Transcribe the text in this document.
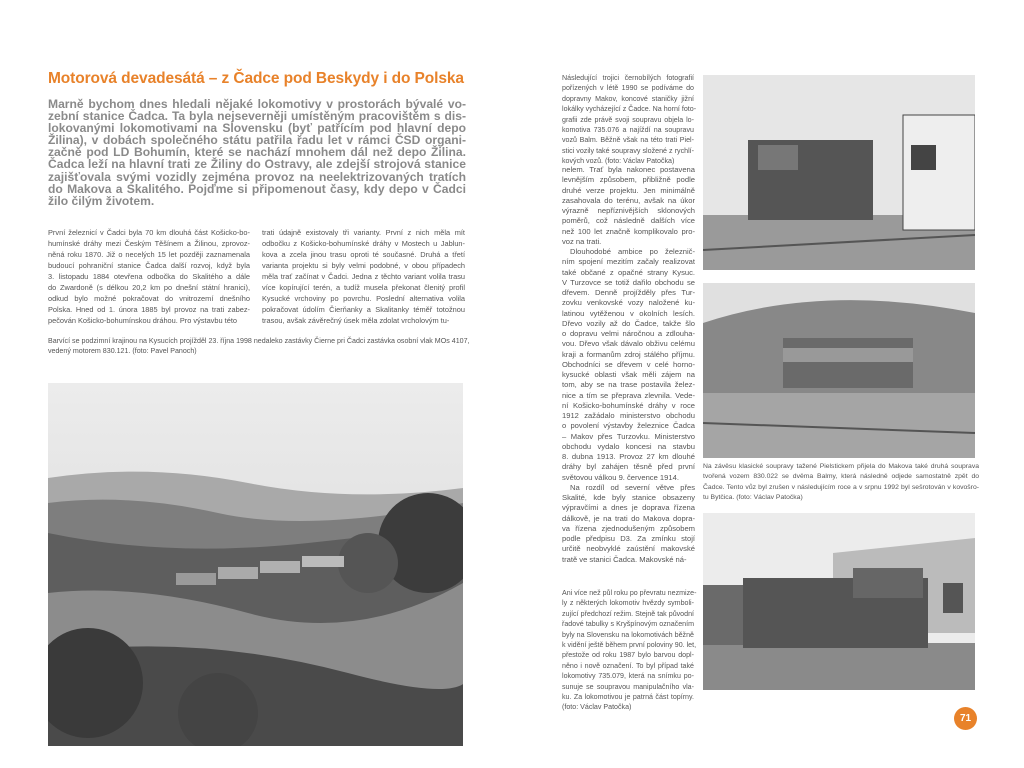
Motorová devadesátá – z Čadce pod Beskydy i do Polska
Marně bychom dnes hledali nějaké lokomotivy v prostorách bývalé vo-
zební stanice Čadca. Ta byla nejseverněji umístěným pracovištěm s dis-
lokovanými lokomotivami na Slovensku (byť patřícím pod hlavní depo
Žilina), v dobách společného státu patřila řadu let v rámci ČSD organi-
začně pod LD Bohumín, které se nachází mnohem dál než depo Žilina.
Čadca leží na hlavní trati ze Žiliny do Ostravy, ale zdejší strojová stanice
zajišťovala svými vozidly zejména provoz na neelektrizovaných tratích
do Makova a Skalitého. Pojďme si připomenout časy, kdy depo v Čadci
žilo čilým životem.
První železnicí v Čadci byla 70 km dlouhá část Košicko-bo-
humínské dráhy mezi Českým Těšínem a Žilinou, zprovoz-
něná roku 1870. Již o necelých 15 let později zaznamenala
budoucí pohraniční stanice Čadca další rozvoj, když byla
3. listopadu 1884 otevřena odbočka do Skalitého a dále
do Zwardoně (s délkou 20,2 km po dnešní státní hranici),
odkud bylo možné pokračovat do vnitrozemí dnešního
Polska. Hned od 1. února 1885 byl provoz na trati zabez-
pečován Košicko-bohumínskou dráhou. Pro výstavbu této
trati údajně existovaly tři varianty. První z nich měla mít
odbočku z Košicko-bohumínské dráhy v Mostech u Jablun-
kova a zcela jinou trasu oproti té současné. Druhá a třetí
varianta projektu si byly velmi podobné, v obou případech
měla trať začínat v Čadci. Jedna z těchto variant volila trasu
více kopírující terén, a tudíž musela překonat členitý profil
Kysucké vrchoviny po povrchu. Poslední alternativa volila
pokračovat údolím Čierňanky a Skalitanky téměř totožnou
trasou, avšak závěrečný úsek měla zdolat vrcholovým tu-
Barvící se podzimní krajinou na Kysucích projížděl 23. října 1998 nedaleko zastávky Čierne pri Čadci zastávka osobní vlak MOs 4107,
vedený motorem 830.121. (foto: Pavel Panoch)
Následující trojici černobílých fotografií
pořízených v létě 1990 se podíváme do
dopravny Makov, koncové staničky jižní
lokálky vycházející z Čadce. Na horní foto-
grafii zde právě svoji soupravu objela lo-
komotiva 735.076 a najíždí na soupravu
vozů Balm. Běžně však na této trati Piel-
stici vozily také soupravy složené z rychlí-
kových vozů. (foto: Václav Patočka)
nelem. Trať byla nakonec postavena
levnějším způsobem, přibližně podle
druhé verze projektu. Jen minimálně
zasahovala do terénu, avšak na úkor
výrazně nepříznivějších sklonových
poměrů, což následně dalších více
než 100 let značně komplikovalo pro-
voz na trati.
Dlouhodobé ambice po železnič-
ním spojení mezitím začaly realizovat
také občané z opačné strany Kysuc.
V Turzovce se totiž dařilo obchodu se
dřevem. Denně projížděly přes Tur-
zovku venkovské vozy naložené ku-
latinou vytěženou v okolních lesích.
Dřevo vozily až do Čadce, takže šlo
o dopravu velmi náročnou a zdlouha-
vou. Dřevo však dávalo obživu celému
kraji a formanům zdroj stálého příjmu.
Obchodníci se dřevem v celé horno-
kysucké oblasti však měli zájem na
tom, aby se na trase postavila želez-
nice a tím se přeprava zlevnila. Vede-
ní Košicko-bohumínské dráhy v roce
1912 zažádalo ministerstvo obchodu
o povolení výstavby železnice Čadca
– Makov přes Turzovku. Ministerstvo
obchodu vydalo koncesi na stavbu
8. dubna 1913. Provoz 27 km dlouhé
dráhy byl zahájen těsně před první
světovou válkou 9. července 1914.
Na rozdíl od severní větve přes
Skalité, kde byly stanice obsazeny
výpravčími a dnes je doprava řízena
dálkově, je na trati do Makova dopra-
va řízena zjednodušeným způsobem
podle předpisu D3. Za zmínku stojí
určitě neobvyklé zaústění makovské
tratě ve stanici Čadca. Makovské ná-
Ani více než půl roku po převratu nezmize-
ly z některých lokomotiv hvězdy symboli-
zující předchozí režim. Stejně tak původní
řadové tabulky s Kryšpínovým označením
byly na Slovensku na lokomotivách běžně
k vidění ještě během první poloviny 90. let,
přestože od roku 1987 bylo barvou dopl-
něno i nově označení. To byl případ také
lokomotivy 735.079, která na snímku po-
sunuje se soupravou manipulačního vla-
ku. Za lokomotivou je patrná část topírny.
(foto: Václav Patočka)
Na závěsu klasické soupravy tažené Pielstickem přijela do Makova také druhá souprava
tvořená vozem 830.022 se dvěma Balmy, která následně odjede samostatně zpět do
Čadce. Tento vůz byl zrušen v následujícím roce a v srpnu 1992 byl sešrotován v kovošro-
tu Bytčica. (foto: Václav Patočka)
71
